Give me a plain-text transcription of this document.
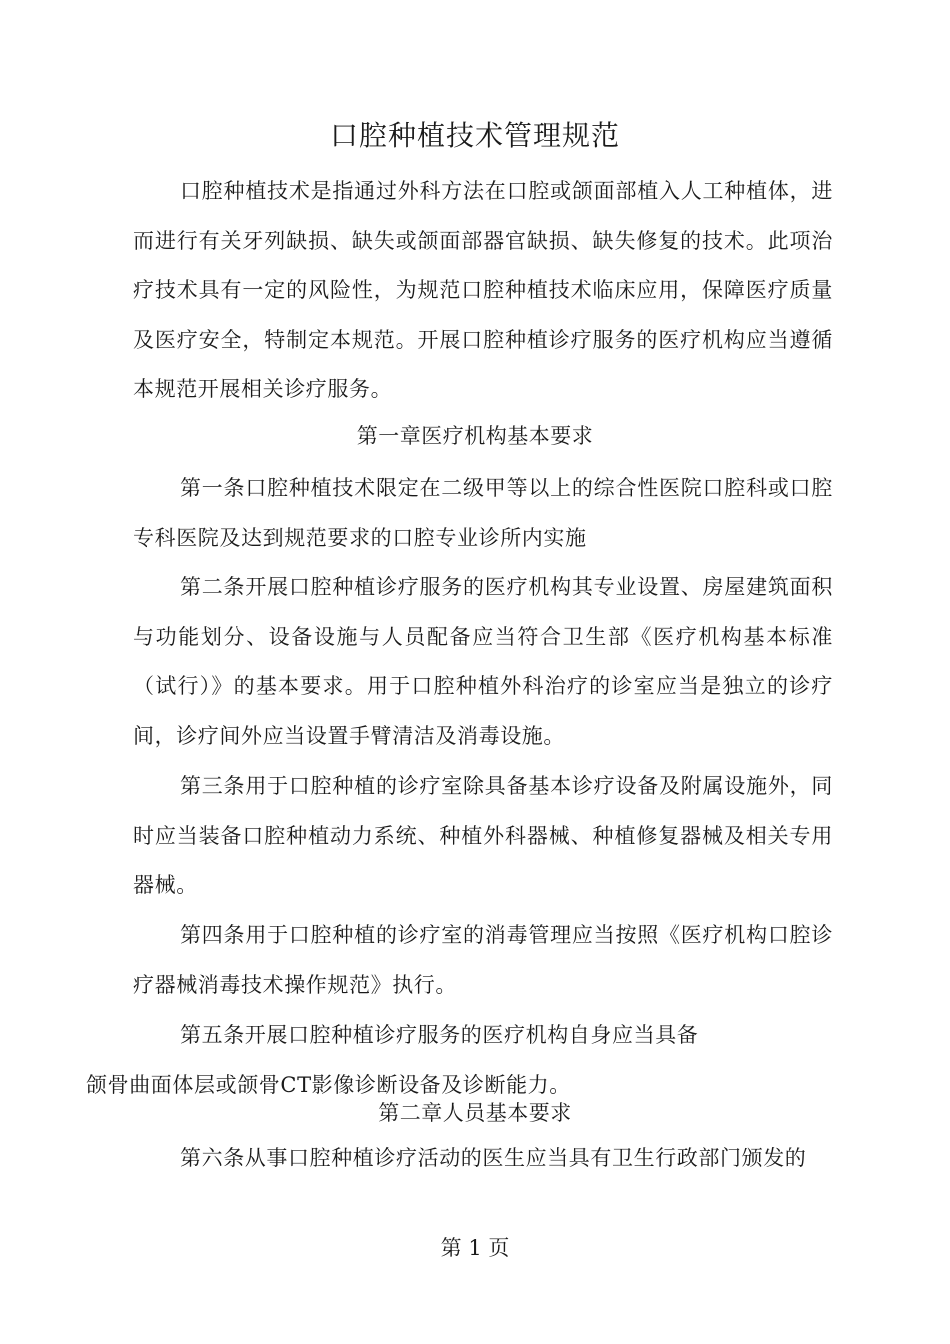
口腔种植技术管理规范
口腔种植技术是指通过外科方法在口腔或颌面部植入人工种植体，进而进行有关牙列缺损、缺失或颌面部器官缺损、缺失修复的技术。此项治疗技术具有一定的风险性，为规范口腔种植技术临床应用，保障医疗质量及医疗安全，特制定本规范。开展口腔种植诊疗服务的医疗机构应当遵循本规范开展相关诊疗服务。
第一章医疗机构基本要求
第一条口腔种植技术限定在二级甲等以上的综合性医院口腔科或口腔专科医院及达到规范要求的口腔专业诊所内实施
第二条开展口腔种植诊疗服务的医疗机构其专业设置、房屋建筑面积与功能划分、设备设施与人员配备应当符合卫生部《医疗机构基本标准（试行）》的基本要求。用于口腔种植外科治疗的诊室应当是独立的诊疗间，诊疗间外应当设置手臂清洁及消毒设施。
第三条用于口腔种植的诊疗室除具备基本诊疗设备及附属设施外，同时应当装备口腔种植动力系统、种植外科器械、种植修复器械及相关专用器械。
第四条用于口腔种植的诊疗室的消毒管理应当按照《医疗机构口腔诊疗器械消毒技术操作规范》执行。
第五条开展口腔种植诊疗服务的医疗机构自身应当具备
颌骨曲面体层或颌骨CT影像诊断设备及诊断能力。
第二章人员基本要求
第六条从事口腔种植诊疗活动的医生应当具有卫生行政部门颁发的
第 1 页
